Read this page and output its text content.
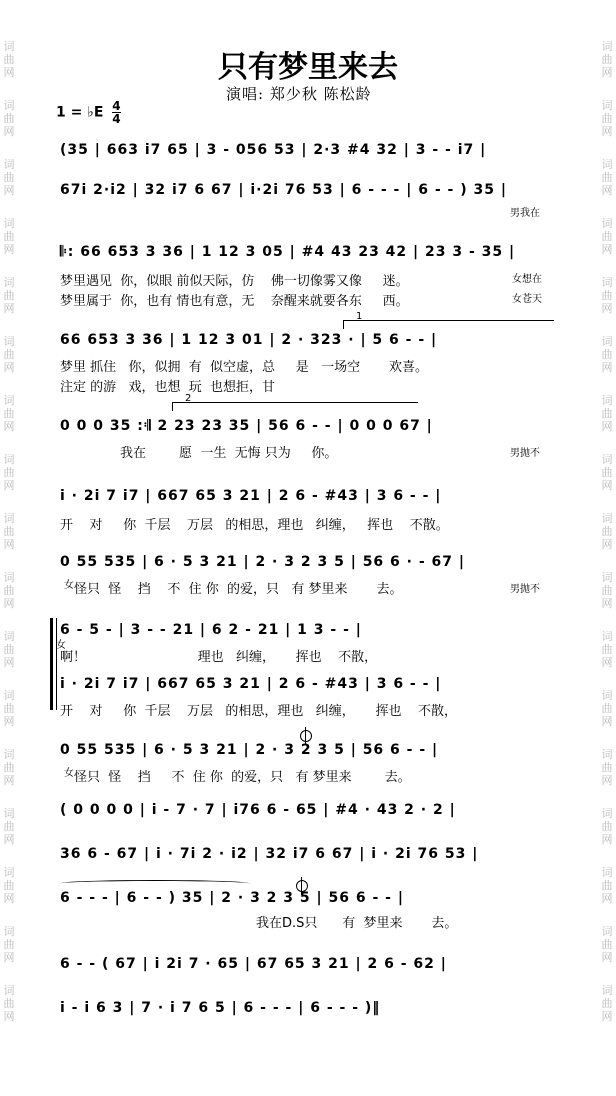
词
曲
网
词
曲
网
词
曲
网
词
曲
网
词
曲
网
词
曲
网
词
曲
网
词
曲
网
词
曲
网
词
曲
网
词
曲
网
词
曲
网
词
曲
网
词
曲
网
词
曲
网
词
曲
网
词
曲
网
词
曲
网
词
曲
网
词
曲
网
词
曲
网
词
曲
网
词
曲
网
词
曲
网
词
曲
网
词
曲
网
词
曲
网
词
曲
网
词
曲
网
词
曲
网
词
曲
网
词
曲
网
词
曲
网
词
曲
网
只有梦里来去
演唱: 郑少秋 陈松龄
1 = ♭E $\frac{4}{4}$
(35 | 663 i7 65 | 3 - 056 53 | 2·3 #4 32 | 3 - - i7 |
67i 2·i2 | 32 i7 6 67 | i·2i 76 53 | 6 - - - | 6 - - ) 35 |
男我在
𝄆: 66 653 3 36 | 1 12 3 05 | #4 43 23 42 | 23 3 - 35 |
梦里遇见  你，似眼 前似天际，仿    佛一切像雾又像     迷。	女想在
梦里属于  你，也有 情也有意，无    奈醒来就要各东     西。	女苍天
1
66 653 3 36 | 1 12 3 01 | 2 · 323 · | 5 6 - - |
梦里 抓住   你，似拥  有  似空虚，总     是   一场空       欢喜。
注定 的游   戏，也想  玩  也想拒，甘
2
0 0 0 35 :𝄇 2 23 23 35 | 56 6 - - | 0 0 0 67 |
我在        愿  一生  无悔 只为     你。	男抛不
i · 2i 7 i7 | 667 65 3 21 | 2 6 - #43 | 3 6 - - |
开    对     你  千层    万层   的相思，理也   纠缠，   挥也    不散。
0 55 535 | 6 · 5 3 21 | 2 · 3 2 3 5 | 56 6 · - 67 |
怪只  怪    挡    不  住 你  的爱，只   有 梦里来       去。
女	男抛不
6 - 5 - | 3 - - 21 | 6 2 - 21 | 1 3 - - |
啊！                           理也   纠缠，     挥也    不散，
女
i · 2i 7 i7 | 667 65 3 21 | 2 6 - #43 | 3 6 - - |
开    对     你  千层    万层   的相思，理也   纠缠，     挥也    不散，
0 55 535 | 6 · 5 3 21 | 2 · 3 2 3 5 | 56 6 - - |
怪只  怪    挡     不  住 你  的爱，只   有 梦里来        去。
女
( 0 0 0 0 | i - 7 · 7 | i76 6 - 65 | #4 · 43 2 · 2 |
36 6 - 67 | i · 7i 2 · i2 | 32 i7 6 67 | i · 2i 76 53 |
6 - - - | 6 - - ) 35 | 2 · 3 2 3 5 | 56 6 - - |
我在D.S只      有  梦里来       去。
6 - - ( 67 | i 2i 7 · 65 | 67 65 3 21 | 2 6 - 62 |
i - i 6 3 | 7 · i 7 6 5 | 6 - - - | 6 - - - )‖
